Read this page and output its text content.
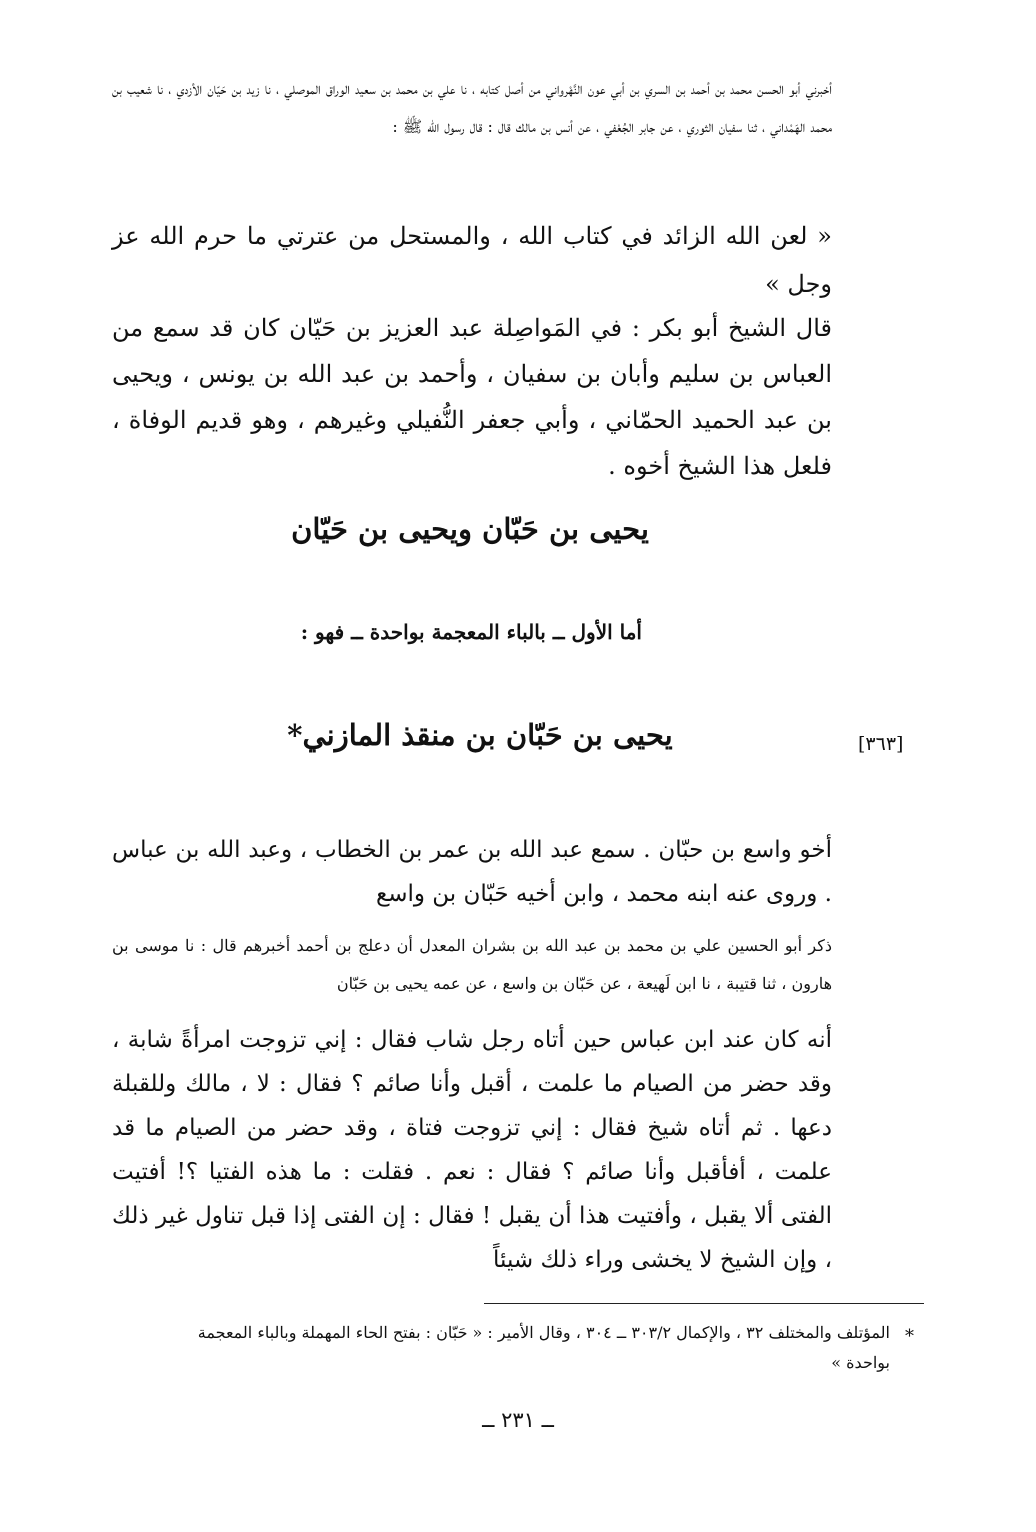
أخبرني أبو الحسن محمد بن أحمد بن السري بن أبي عون النَّهْرواني من أصل كتابه ، نا علي بن محمد بن سعيد الوراق الموصلي ، نا زيد بن حَيّان الأزدي ، نا شعيب بن محمد الهَمْداني ، ثنا سفيان الثوري ، عن جابر الجُعْفي ، عن أنس بن مالك قال : قال رسول الله ﷺ :

« لعن الله الزائد في كتاب الله ، والمستحل من عترتي ما حرم الله عز وجل »

قال الشيخ أبو بكر : في المَواصِلة عبد العزيز بن حَيّان كان قد سمع من العباس بن سليم وأبان بن سفيان ، وأحمد بن عبد الله بن يونس ، ويحيى بن عبد الحميد الحمّاني ، وأبي جعفر النُّفيلي وغيرهم ، وهو قديم الوفاة ، فلعل هذا الشيخ أخوه .

يحيى بن حَبّان ويحيى بن حَيّان
أما الأول ــ بالباء المعجمة بواحدة ــ فهو :
[٣٦٣]
يحيى بن حَبّان بن منقذ المازني*

أخو واسع بن حبّان . سمع عبد الله بن عمر بن الخطاب ، وعبد الله بن عباس . وروى عنه ابنه محمد ، وابن أخيه حَبّان بن واسع

ذكر أبو الحسين علي بن محمد بن عبد الله بن بشران المعدل أن دعلج بن أحمد أخبرهم قال : نا موسى بن هارون ، ثنا قتيبة ، نا ابن لَهيعة ، عن حَبّان بن واسع ، عن عمه يحيى بن حَبّان

أنه كان عند ابن عباس حين أتاه رجل شاب فقال : إني تزوجت امرأةً شابة ، وقد حضر من الصيام ما علمت ، أقبل وأنا صائم ؟ فقال : لا ، مالك وللقبلة دعها . ثم أتاه شيخ فقال : إني تزوجت فتاة ، وقد حضر من الصيام ما قد علمت ، أفأقبل وأنا صائم ؟ فقال : نعم . فقلت : ما هذه الفتيا ؟! أفتيت الفتى ألا يقبل ، وأفتيت هذا أن يقبل ! فقال : إن الفتى إذا قبل تناول غير ذلك ، وإن الشيخ لا يخشى وراء ذلك شيئاً

*

المؤتلف والمختلف ٣٢ ، والإكمال ٣٠٣/٢ ــ ٣٠٤ ، وقال الأمير : « حَبّان : بفتح الحاء المهملة وبالباء المعجمة بواحدة »

ــ ٢٣١ ــ
